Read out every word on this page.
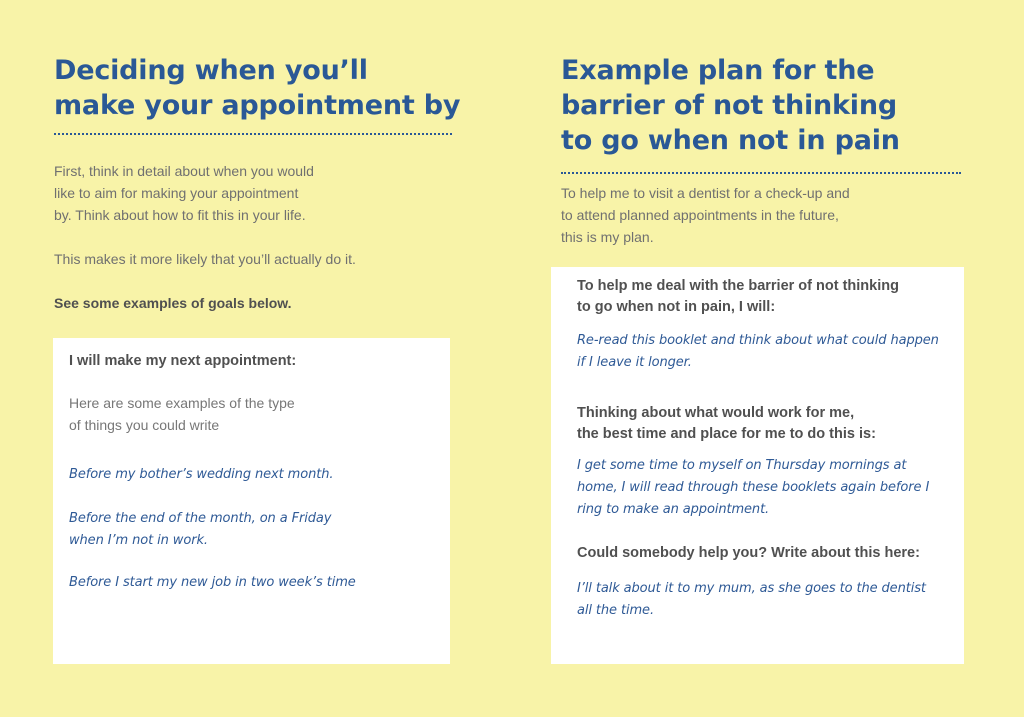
Deciding when you’ll
make your appointment by

First, think in detail about when you would

like to aim for making your appointment

by. Think about how to fit this in your life.

This makes it more likely that you’ll actually do it.

See some examples of goals below.

I will make my next appointment:

Here are some examples of the type

of things you could write

Before my bother’s wedding next month.

Before the end of the month, on a Friday

when I’m not in work.

Before I start my new job in two week’s time

Example plan for the
barrier of not thinking
to go when not in pain

To help me to visit a dentist for a check-up and

to attend planned appointments in the future,

this is my plan.

To help me deal with the barrier of not thinking
to go when not in pain, I will:

Re-read this booklet and think about what could happen

if I leave it longer.

Thinking about what would work for me,
the best time and place for me to do this is:

I get some time to myself on Thursday mornings at

home, I will read through these booklets again before I

ring to make an appointment.

Could somebody help you? Write about this here:

I’ll talk about it to my mum, as she goes to the dentist

all the time.
